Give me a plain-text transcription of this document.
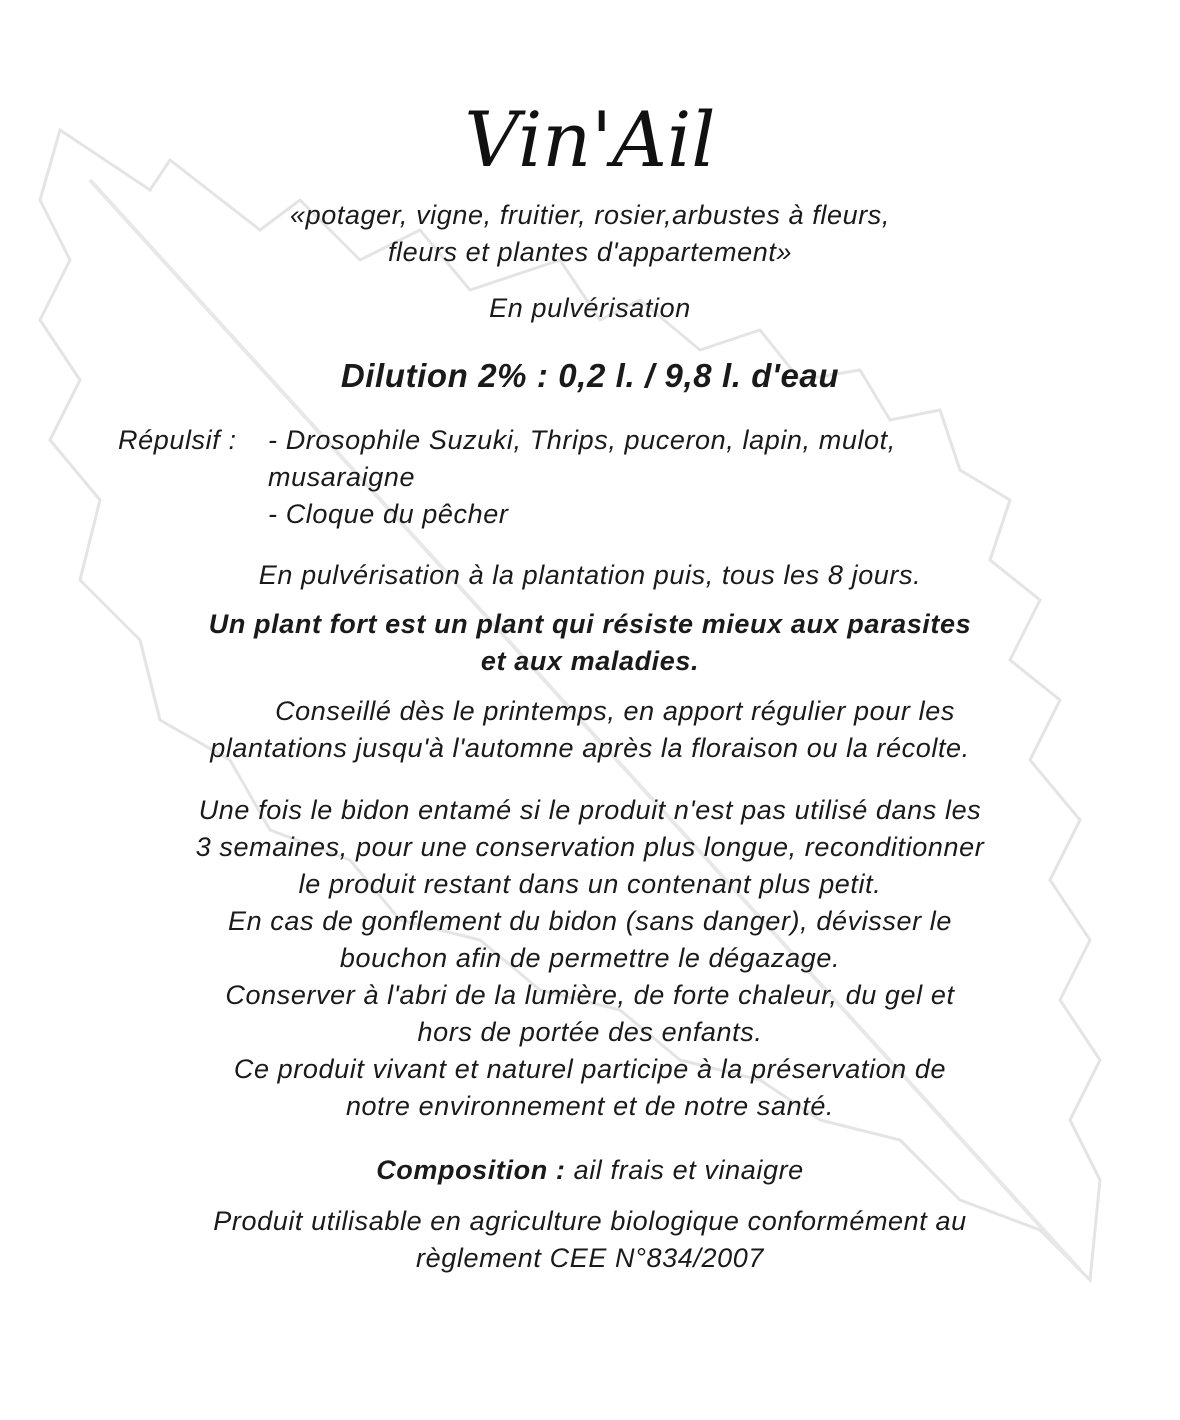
Vin'Ail
«potager, vigne, fruitier, rosier,arbustes à fleurs,
fleurs et plantes d'appartement»
En pulvérisation
Dilution 2% : 0,2 l. / 9,8 l. d'eau
Répulsif : - Drosophile Suzuki, Thrips, puceron, lapin, mulot,
musaraigne
- Cloque du pêcher
En pulvérisation à la plantation puis, tous les 8 jours.
Un plant fort est un plant qui résiste mieux aux parasites
et aux maladies.
Conseillé dès le printemps, en apport régulier pour les
plantations jusqu'à l'automne après la floraison ou la récolte.
Une fois le bidon entamé si le produit n'est pas utilisé dans les
3 semaines, pour une conservation plus longue, reconditionner
le produit restant dans un contenant plus petit.
En cas de gonflement du bidon (sans danger), dévisser le
bouchon afin de permettre le dégazage.
Conserver à l'abri de la lumière, de forte chaleur, du gel et
hors de portée des enfants.
Ce produit vivant et naturel participe à la préservation de
notre environnement et de notre santé.
Composition : ail frais et vinaigre
Produit utilisable en agriculture biologique conformément au
règlement CEE N°834/2007
